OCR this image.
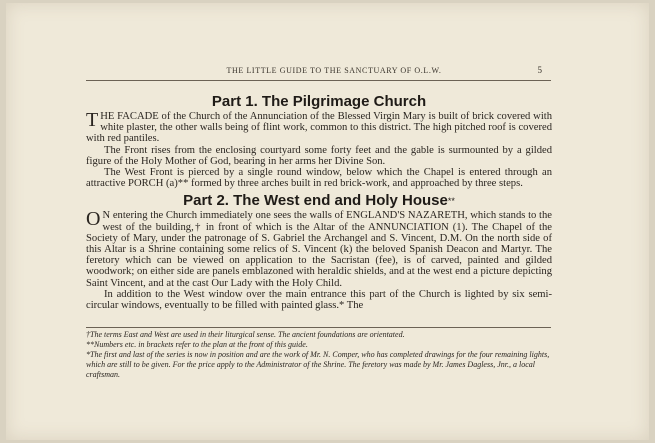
THE LITTLE GUIDE TO THE SANCTUARY OF O.L.W.	5
Part 1. The Pilgrimage Church

THE FACADE of the Church of the Annunciation of the Blessed Virgin Mary is built of brick covered with white plaster, the other walls being of flint work, common to this district. The high pitched roof is covered with red pantiles.

The Front rises from the enclosing courtyard some forty feet and the gable is surmounted by a gilded figure of the Holy Mother of God, bearing in her arms her Divine Son.

The West Front is pierced by a single round window, below which the Chapel is entered through an attractive PORCH (a)** formed by three arches built in red brick-work, and approached by three steps.

Part 2. The West end and Holy House**

O N entering the Church immediately one sees the walls of ENGLAND'S NAZARETH, which stands to the west of the building,† in front of which is the Altar of the ANNUNCIATION (1). The Chapel of the Society of Mary, under the patronage of S. Gabriel the Archangel and S. Vincent, D.M. On the north side of this Altar is a Shrine containing some relics of S. Vincent (k) the beloved Spanish Deacon and Martyr. The feretory which can be viewed on application to the Sacristan (fee), is of carved, painted and gilded woodwork; on either side are panels emblazoned with heraldic shields, and at the west end a picture depicting Saint Vincent, and at the cast Our Lady with the Holy Child.

In addition to the West window over the main entrance this part of the Church is lighted by six semi-circular windows, eventually to be filled with painted glass.* The

†The terms East and West are used in their liturgical sense. The ancient foundations are orientated.
**Numbers etc. in brackets refer to the plan at the front of this guide.
*The first and last of the series is now in position and are the work of Mr. N. Comper, who has completed drawings for the four remaining lights, which are still to be given. For the price apply to the Administrator of the Shrine. The feretory was made by Mr. James Dagless, Jnr., a local craftsman.
